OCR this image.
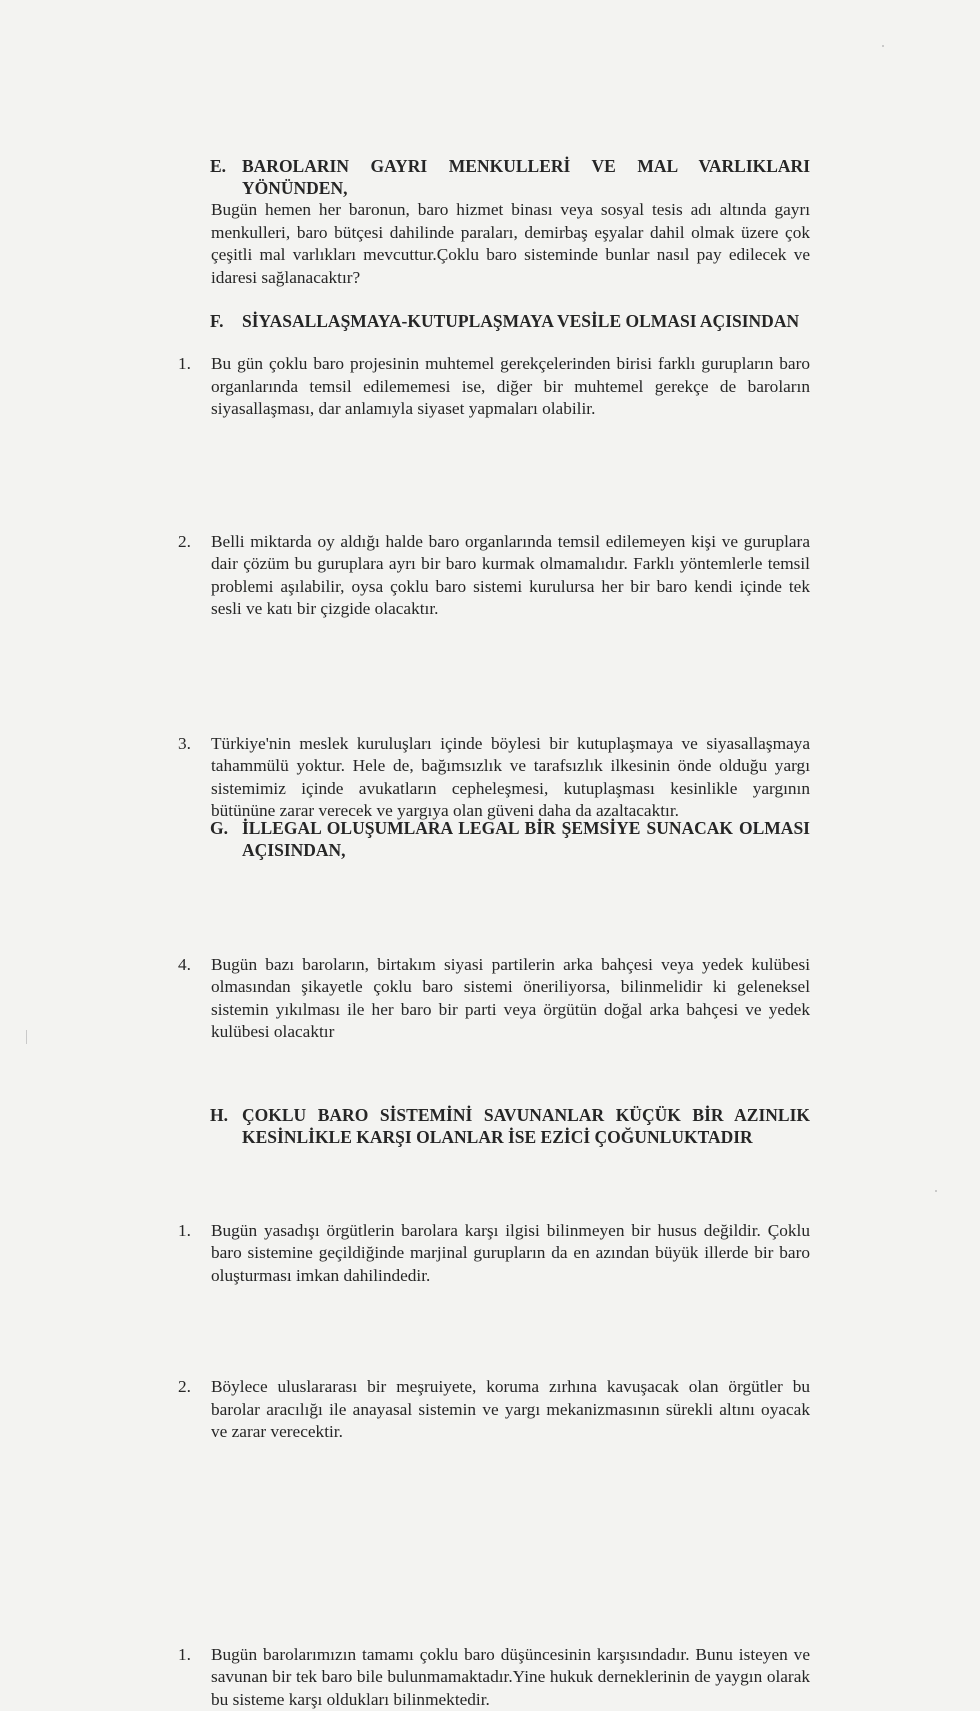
E. BAROLARIN GAYRI MENKULLERİ VE MAL VARLIKLARI YÖNÜNDEN,
Bugün hemen her baronun, baro hizmet binası veya sosyal tesis adı altında gayrı menkulleri, baro bütçesi dahilinde paraları, demirbaş eşyalar dahil olmak üzere çok çeşitli mal varlıkları mevcuttur.Çoklu baro sisteminde bunlar nasıl pay edilecek ve idaresi sağlanacaktır?
F.	SİYASALLAŞMAYA-KUTUPLAŞMAYA VESİLE OLMASI AÇISINDAN
1. Bu gün çoklu baro projesinin muhtemel gerekçelerinden birisi farklı gurupların baro organlarında temsil edilememesi ise, diğer bir muhtemel gerekçe de baroların siyasallaşması, dar anlamıyla siyaset yapmaları olabilir.
2. Belli miktarda oy aldığı halde baro organlarında temsil edilemeyen kişi ve guruplara dair çözüm bu guruplara ayrı bir baro kurmak olmamalıdır. Farklı yöntemlerle temsil problemi aşılabilir, oysa çoklu baro sistemi kurulursa her bir baro kendi içinde tek sesli ve katı bir çizgide olacaktır.
3. Türkiye'nin meslek kuruluşları içinde böylesi bir kutuplaşmaya ve siyasallaşmaya tahammülü yoktur. Hele de, bağımsızlık ve tarafsızlık ilkesinin önde olduğu yargı sistemimiz içinde avukatların cepheleşmesi, kutuplaşması kesinlikle yargının bütününe zarar verecek ve yargıya olan güveni daha da azaltacaktır.
4. Bugün bazı baroların, birtakım siyasi partilerin arka bahçesi veya yedek kulübesi olmasından şikayetle çoklu baro sistemi öneriliyorsa, bilinmelidir ki geleneksel sistemin yıkılması ile her baro bir parti veya örgütün doğal arka bahçesi ve yedek kulübesi olacaktır
G. İLLEGAL OLUŞUMLARA LEGAL BİR ŞEMSİYE SUNACAK OLMASI AÇISINDAN,
1. Bugün yasadışı örgütlerin barolara karşı ilgisi bilinmeyen bir husus değildir. Çoklu baro sistemine geçildiğinde marjinal gurupların da en azından büyük illerde bir baro oluşturması imkan dahilindedir.
2. Böylece uluslararası bir meşruiyete, koruma zırhına kavuşacak olan örgütler bu barolar aracılığı ile anayasal sistemin ve yargı mekanizmasının sürekli altını oyacak ve zarar verecektir.
H. ÇOKLU BARO SİSTEMİNİ SAVUNANLAR KÜÇÜK BİR AZINLIK KESİNLİKLE KARŞI OLANLAR İSE EZİCİ ÇOĞUNLUKTADIR
1. Bugün barolarımızın tamamı çoklu baro düşüncesinin karşısındadır. Bunu isteyen ve savunan bir tek baro bile bulunmamaktadır.Yine hukuk derneklerinin de yaygın olarak bu sisteme karşı oldukları bilinmektedir.
